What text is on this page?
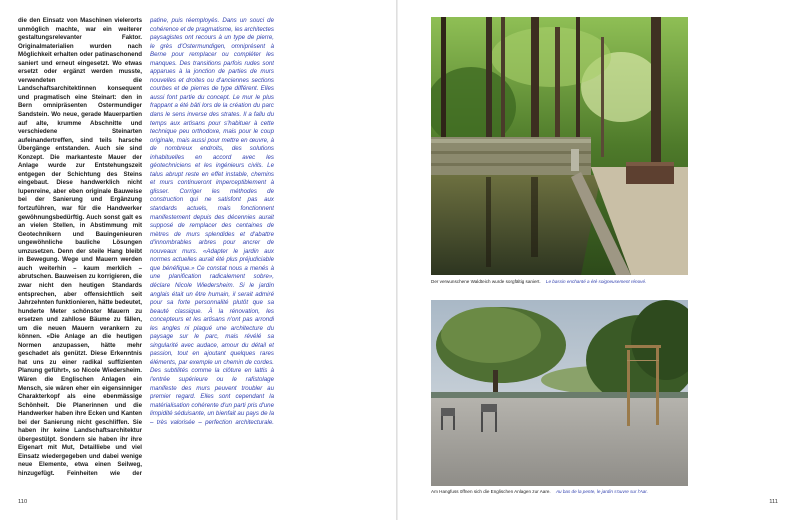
die den Einsatz von Maschinen vielerorts unmöglich machte, war ein weiterer gestaltungsrelevanter Faktor. Originalmaterialien wurden nach Möglichkeit erhalten oder patinaschonend saniert und erneut eingesetzt. Wo etwas ersetzt oder ergänzt werden musste, verwendeten die Landschaftsarchitektinnen konsequent und pragmatisch eine Steinart: den in Bern omnipräsenten Ostermundiger Sandstein. Wo neue, gerade Mauerpartien auf alte, krumme Abschnitte und verschiedene Steinarten aufeinandertreffen, sind teils harsche Übergänge entstanden. Auch sie sind Konzept. Die markanteste Mauer der Anlage wurde zur Entstehungszeit entgegen der Schichtung des Steins eingebaut. Diese handwerklich nicht lupenreine, aber eben originale Bauweise bei der Sanierung und Ergänzung fortzuführen, war für die Handwerker gewöhnungsbedürftig. Auch sonst galt es an vielen Stellen, in Abstimmung mit Geotechnikern und Bauingenieuren ungewöhnliche bauliche Lösungen umzusetzen. Denn der steile Hang bleibt in Bewegung. Wege und Mauern werden auch weiterhin – kaum merklich – abrutschen. Bauweisen zu korrigieren, die zwar nicht den heutigen Standards entsprechen, aber offensichtlich seit Jahrzehnten funktionieren, hätte bedeutet, hunderte Meter schönster Mauern zu ersetzen und zahllose Bäume zu fällen, um die neuen Mauern verankern zu können. «Die Anlage an die heutigen Normen anzupassen, hätte mehr geschadet als genützt. Diese Erkenntnis hat uns zu einer radikal suffizienten Planung geführt», so Nicole Wiedersheim. Wären die Englischen Anlagen ein Mensch, sie wären eher ein eigensinniger Charakterkopf als eine ebenmässige Schönheit. Die Planerinnen und die Handwerker haben ihre Ecken und Kanten bei der Sanierung nicht geschliffen. Sie haben ihr keine Landschaftsarchitektur übergestülpt. Sondern sie haben ihr ihre Eigenart mit Mut, Detailliebe und viel Einsatz wiedergegeben und dabei wenige neue Elemente, etwa einen Seilweg, hinzugefügt. Feinheiten wie der

patine, puis réemployés. Dans un souci de cohérence et de pragmatisme, les architectes paysagistes ont recours à un type de pierre, le grès d'Ostermundigen, omniprésent à Berne pour remplacer ou compléter les manques. Des transitions parfois rudes sont apparues à la jonction de parties de murs nouvelles et droites ou d'anciennes sections courbes et de pierres de type différent. Elles aussi font partie du concept. Le mur le plus frappant a été bâti lors de la création du parc dans le sens inverse des strates. Il a fallu du temps aux artisans pour s'habituer à cette technique peu orthodoxe, mais pour le coup originale, mais aussi pour mettre en œuvre, à de nombreux endroits, des solutions inhabituelles en accord avec les géotechniciens et les ingénieurs civils. Le talus abrupt reste en effet instable, chemins et murs continueront imperceptiblement à glisser. Corriger les méthodes de construction qui ne satisfont pas aux standards actuels, mais fonctionnent manifestement depuis des décennies aurait supposé de remplacer des centaines de mètres de murs splendides et d'abattre d'innombrables arbres pour ancrer de nouveaux murs. «Adapter le jardin aux normes actuelles aurait été plus préjudiciable que bénéfique.» Ce constat nous a menés à une planification radicalement sobre», déclare Nicole Wiedersheim. Si le jardin anglais était un être humain, il serait admiré pour sa forte personnalité plutôt que sa beauté classique. À la rénovation, les concepteurs et les artisans n'ont pas arrondi les angles ni plaqué une architecture du paysage sur le parc, mais révélé sa singularité avec audace, amour du détail et passion, tout en ajoutant quelques rares éléments, par exemple un chemin de cordes. Des subtilités comme la clôture en lattis à l'entrée supérieure ou le rafistolage manifeste des murs peuvent troubler au premier regard. Elles sont cependant la matérialisation cohérente d'un parti pris d'une limpidité séduisante, un bienfait au pays de la – très valorisée – perfection architecturale.

110
Der verwunschene Waldteich wurde sorgfältig saniert. Le bassin enchanté a été soigneusement rénové.
Am Hangfuss öffnen sich die Englischen Anlagen zur Aare. Au bas de la pente, le jardin s'ouvre sur l'Aar.
111
